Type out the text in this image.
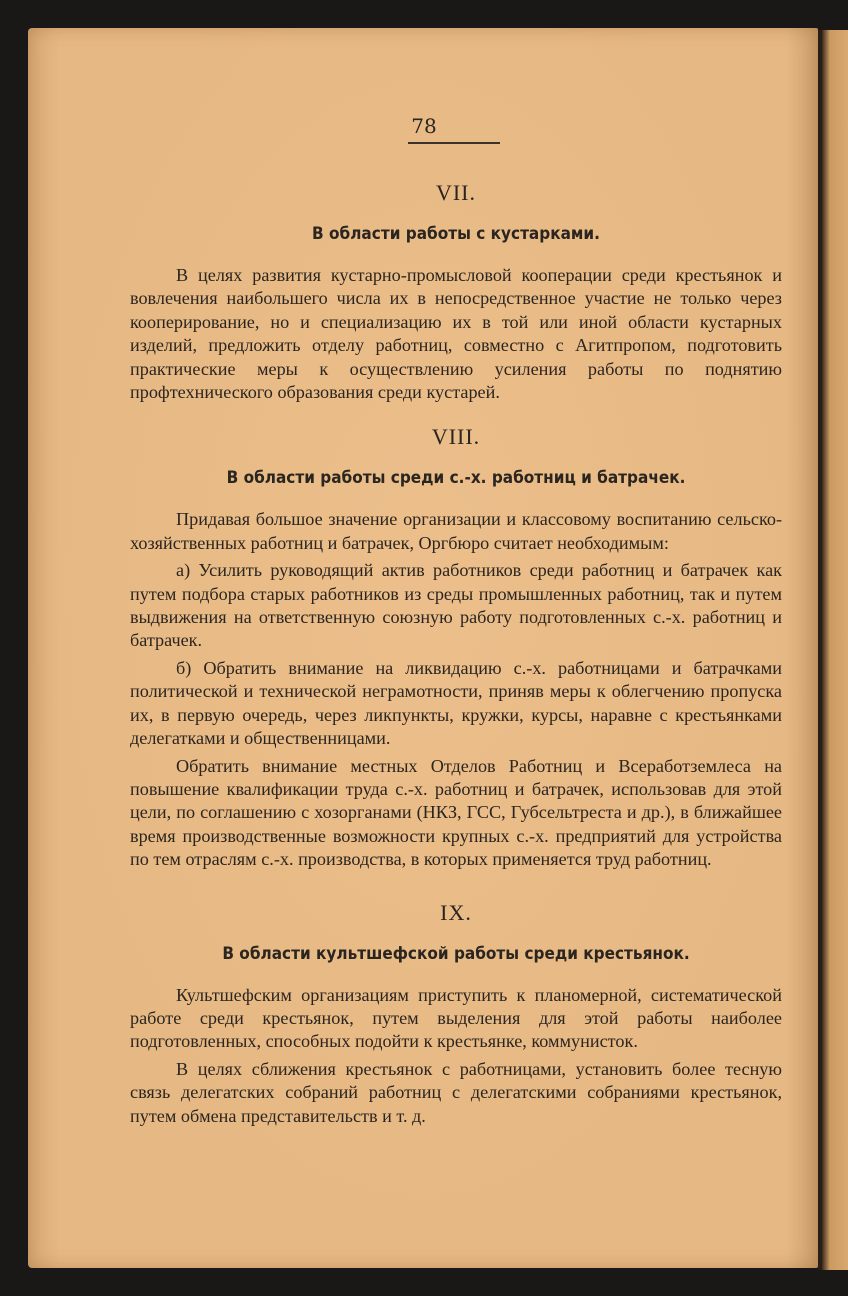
78
VII.
В области работы с кустарками.

В целях развития кустарно-промысловой кооперации среди крестьянок и вовлечения наибольшего числа их в непосредственное участие не только через кооперирование, но и специализацию их в той или иной области кустарных изделий, предложить отделу работниц, совместно с Агитпропом, подготовить практические меры к осуществлению усиления работы по поднятию профтехнического образования среди кустарей.

VIII.
В области работы среди с.-х. работниц и батрачек.

Придавая большое значение организации и классовому воспитанию сельско-хозяйственных работниц и батрачек, Оргбюро считает необходимым:

а) Усилить руководящий актив работников среди работниц и батрачек как путем подбора старых работников из среды промышленных работниц, так и путем выдвижения на ответственную союзную работу подготовленных с.-х. работниц и батрачек.

б) Обратить внимание на ликвидацию с.-х. работницами и батрачками политической и технической неграмотности, приняв меры к облегчению пропуска их, в первую очередь, через ликпункты, кружки, курсы, наравне с крестьянками делегатками и общественницами.

Обратить внимание местных Отделов Работниц и Всеработземлеса на повышение квалификации труда с.-х. работниц и батрачек, использовав для этой цели, по соглашению с хозорганами (НКЗ, ГСС, Губсельтреста и др.), в ближайшее время производственные возможности крупных с.-х. предприятий для устройства по тем отраслям с.-х. производства, в которых применяется труд работниц.

IX.
В области культшефской работы среди крестьянок.

Культшефским организациям приступить к планомерной, систематической работе среди крестьянок, путем выделения для этой работы наиболее подготовленных, способных подойти к крестьянке, коммунисток.

В целях сближения крестьянок с работницами, установить более тесную связь делегатских собраний работниц с делегатскими собраниями крестьянок, путем обмена представительств и т. д.
